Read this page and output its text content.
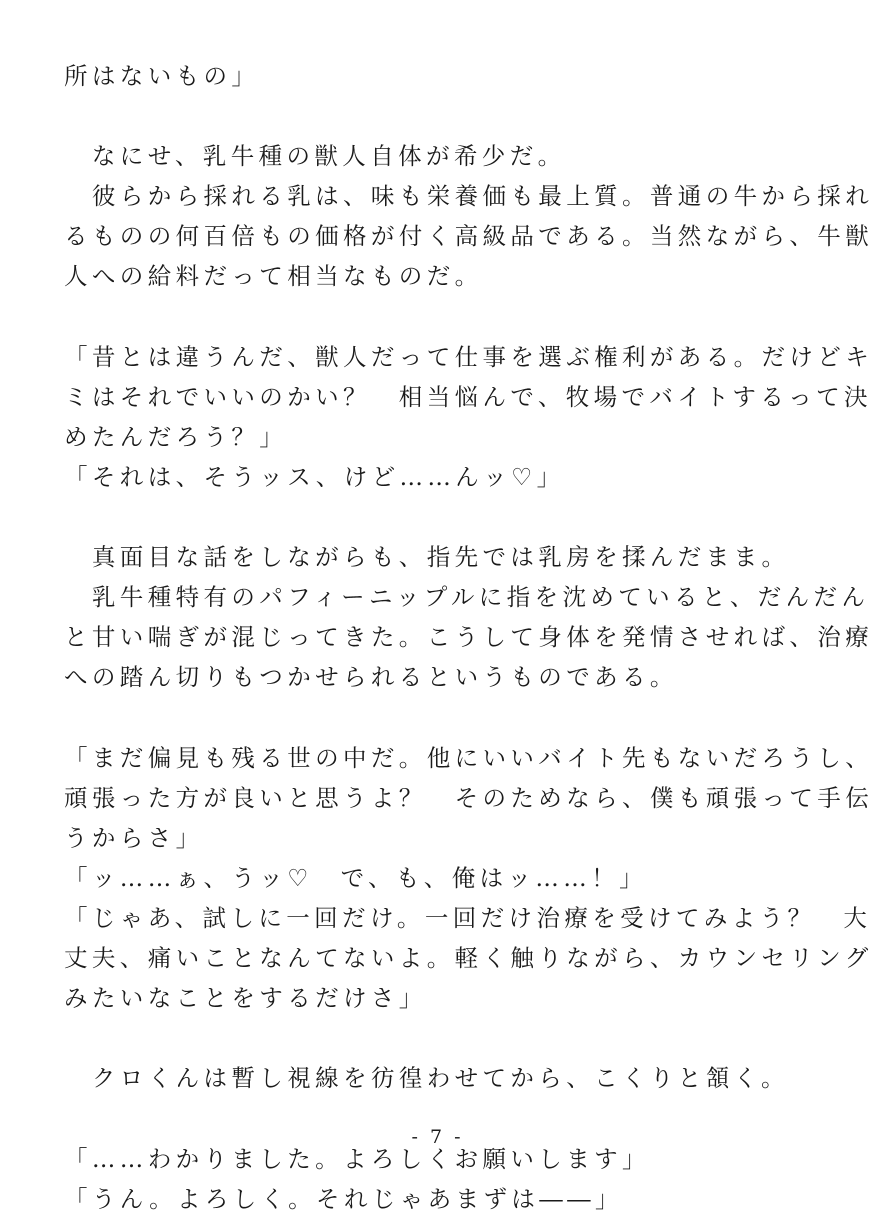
所はないもの」
　なにせ、乳牛種の獣人自体が希少だ。
　彼らから採れる乳は、味も栄養価も最上質。普通の牛から採れ
るものの何百倍もの価格が付く高級品である。当然ながら、牛獣
人への給料だって相当なものだ。
「昔とは違うんだ、獣人だって仕事を選ぶ権利がある。だけどキ
ミはそれでいいのかい？　相当悩んで、牧場でバイトするって決
めたんだろう？」
「それは、そうッス、けど……んッ♡」
　真面目な話をしながらも、指先では乳房を揉んだまま。
　乳牛種特有のパフィーニップルに指を沈めていると、だんだん
と甘い喘ぎが混じってきた。こうして身体を発情させれば、治療
への踏ん切りもつかせられるというものである。
「まだ偏見も残る世の中だ。他にいいバイト先もないだろうし、
頑張った方が良いと思うよ？　そのためなら、僕も頑張って手伝
うからさ」
「ッ……ぁ、うッ♡　で、も、俺はッ……！」
「じゃあ、試しに一回だけ。一回だけ治療を受けてみよう？　大
丈夫、痛いことなんてないよ。軽く触りながら、カウンセリング
みたいなことをするだけさ」
　クロくんは暫し視線を彷徨わせてから、こくりと頷く。
「……わかりました。よろしくお願いします」
「うん。よろしく。それじゃあまずは――」
- 7 -
